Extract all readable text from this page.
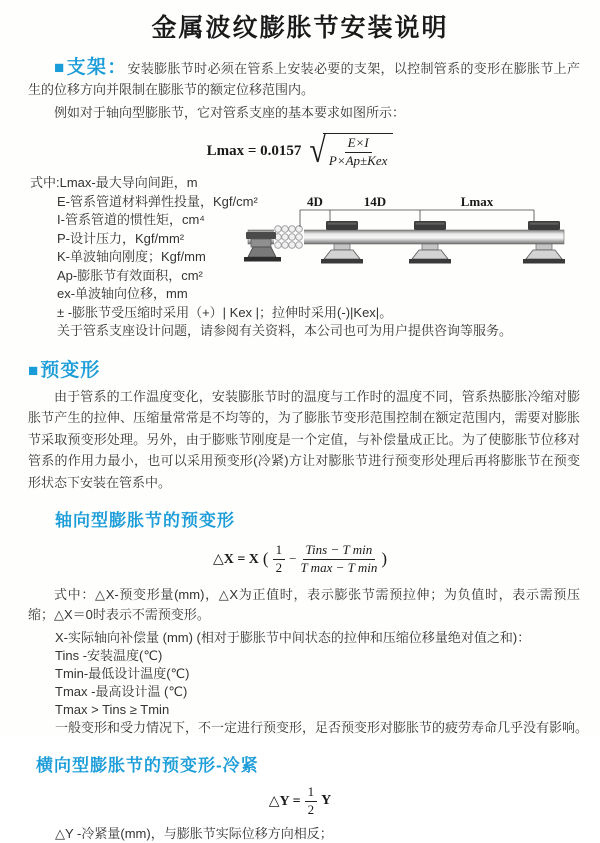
金属波纹膨胀节安装说明

■支架：安装膨胀节时必须在管系上安装必要的支架，以控制管系的变形在膨胀节上产生的位移方向并限制在膨胀节的额定位移范围内。

例如对于轴向型膨胀节，它对管系支座的基本要求如图所示：

Lmax = 0.0157 √ $\frac{E\times I}{\text{P×Ap±Kex}}$
式中:Lmax-最大导向间距，m
E-管系管道材料弹性投量，Kgf/cm²
I-管系管道的惯性矩，cm⁴
P-设计压力，Kgf/mm²
K-单波轴向刚度；Kgf/mm
Ap-膨胀节有效面积，cm²
ex-单波轴向位移，mm
± -膨胀节受压缩时采用（+）| Kex |；拉伸时采用(-)|Kex|。
关于管系支座设计问题，请参阅有关资料，本公司也可为用户提供咨询等服务。
4D	14D	Lmax
■预变形

由于管系的工作温度变化，安装膨胀节时的温度与工作时的温度不同，管系热膨胀冷缩对膨胀节产生的拉伸、压缩量常常是不均等的，为了膨胀节变形范围控制在额定范围内，需要对膨胀节采取预变形处理。另外，由于膨账节刚度是一个定值，与补偿量成正比。为了使膨胀节位移对管系的作用力最小，也可以采用预变形(冷紧)方让对膨胀节进行预变形处理后再将膨胀节在预变形状态下安装在管系中。

轴向型膨胀节的预变形
△X = X ( $\frac{1}{2} - \frac{\text{Tins − T min}}{\text{T max − T min}}$ )

式中：△X-预变形量(mm)，△X为正值时，表示膨张节需预拉伸；为负值时，表示需预压缩；△X＝0时表示不需预变形。

X-实际轴向补偿量 (mm) (相对于膨胀节中间状态的拉伸和压缩位移量绝对值之和)：
Tins -安装温度(℃)
Tmin-最低设计温度(℃)
Tmax -最高设计温 (℃)
Tmax > Tins ≥ Tmin
一般变形和受力情况下，不一定进行预变形，足否预变形对膨胀节的疲劳寿命几乎没有影响。
横向型膨胀节的预变形-冷紧
△Y = $\frac{1}{2}$ Y

△Y -冷紧量(mm)，与膨胀节实际位移方向相反；
